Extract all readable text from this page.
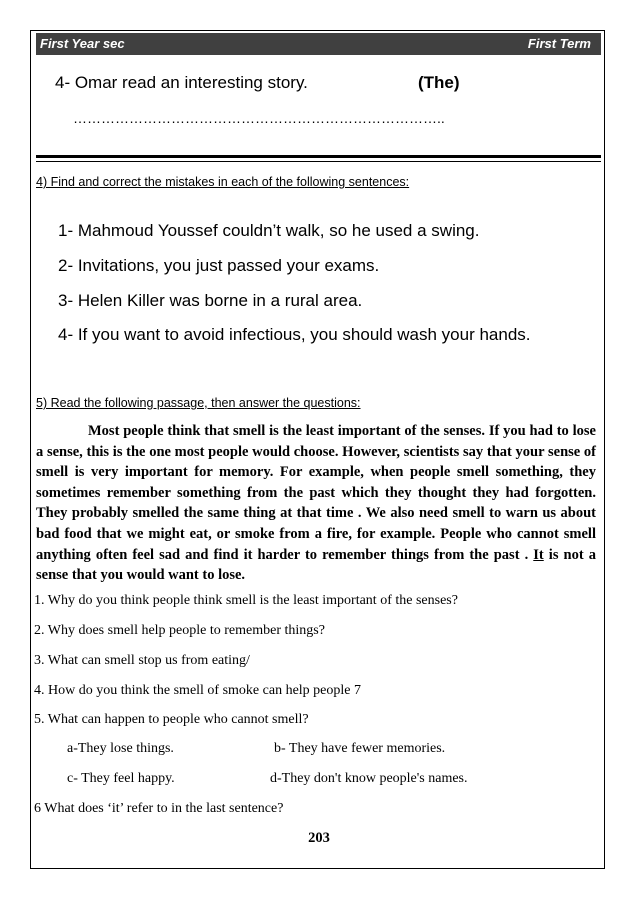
First Year sec	First Term
4- Omar read an interesting story.	(The)
……………………………………………………………………..
4) Find and correct the mistakes in each of the following sentences:
1- Mahmoud Youssef couldn’t walk, so he used a swing.
2- Invitations, you just passed your exams.
3- Helen Killer was borne in a rural area.
4- If you want to avoid infectious, you should wash your hands.
5) Read the following passage, then answer the questions:

Most people think that smell is the least important of the senses. If you had to lose a sense, this is the one most people would choose. However, scientists say that your sense of smell is very important for memory. For example, when people smell something, they sometimes remember something from the past which they thought they had forgotten. They probably smelled the same thing at that time . We also need smell to warn us about bad food that we might eat, or smoke from a fire, for example. People who cannot smell anything often feel sad and find it harder to remember things from the past . It is not a sense that you would want to lose.

1. Why do you think people think smell is the least important of the senses?
2. Why does smell help people to remember things?
3. What can smell stop us from eating/
4. How do you think the smell of smoke can help people 7
5. What can happen to people who cannot smell?
a-They lose things.	b- They have fewer memories.
c- They feel happy.	d-They don't know people's names.
6 What does ‘it’ refer to in the last sentence?
203
